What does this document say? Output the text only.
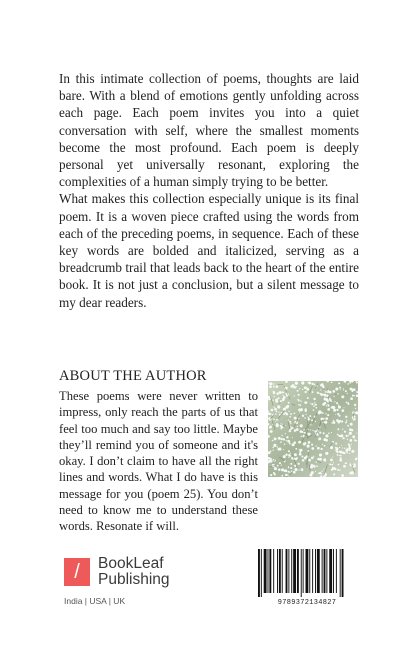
In this intimate collection of poems, thoughts are laid bare. With a blend of emotions gently unfolding across each page. Each poem invites you into a quiet conversation with self, where the smallest moments become the most profound. Each poem is deeply personal yet universally resonant, exploring the complexities of a human simply trying to be better.

What makes this collection especially unique is its final poem. It is a woven piece crafted using the words from each of the preceding poems, in sequence. Each of these key words are bolded and italicized, serving as a breadcrumb trail that leads back to the heart of the entire book. It is not just a conclusion, but a silent message to my dear readers.

ABOUT THE AUTHOR
These poems were never written to impress, only reach the parts of us that feel too much and say too little. Maybe they’ll remind you of someone and it's okay. I don’t claim to have all the right lines and words. What I do have is this message for you (poem 25). You don’t need to know me to understand these words. Resonate if will.
/	BookLeaf
Publishing
India | USA | UK	9789372134827
